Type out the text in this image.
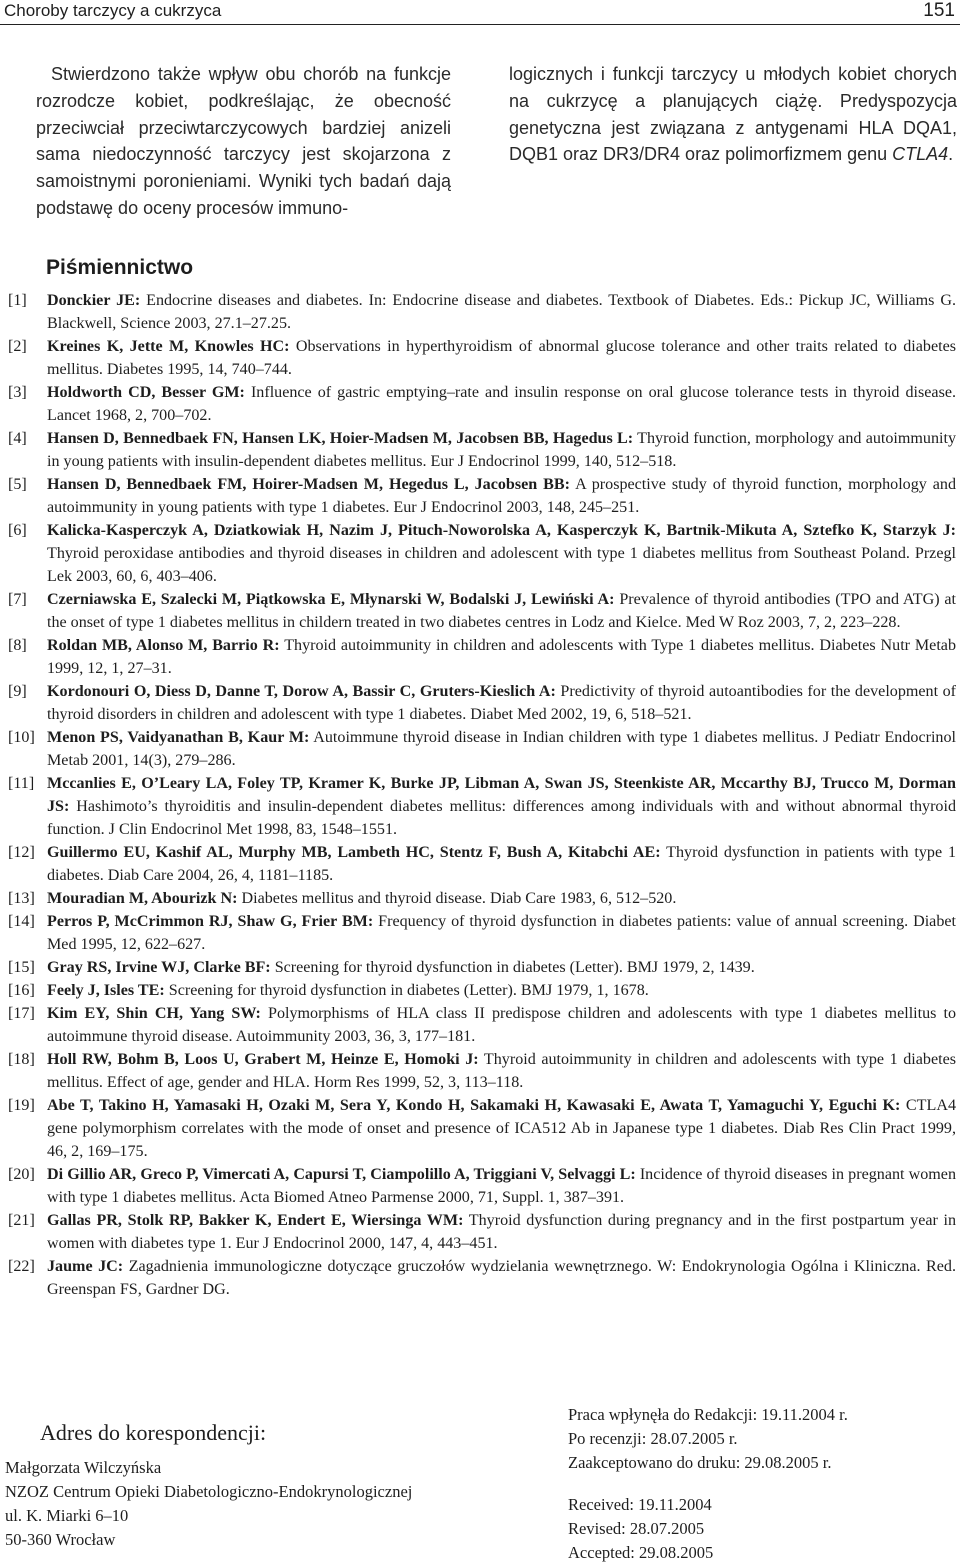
Choroby tarczycy a cukrzyca	151
Stwierdzono także wpływ obu chorób na funkcje rozrodcze kobiet, podkreślając, że obecność przeciwciał przeciwtarczycowych bardziej anizeli sama niedoczynność tarczycy jest skojarzona z samoistnymi poronieniami. Wyniki tych badań dają podstawę do oceny procesów immuno-
logicznych i funkcji tarczycy u młodych kobiet chorych na cukrzycę a planujących ciążę. Predyspozycja genetyczna jest związana z antygenami HLA DQA1, DQB1 oraz DR3/DR4 oraz polimorfizmem genu CTLA4.
Piśmiennictwo
[1]	Donckier JE: Endocrine diseases and diabetes. In: Endocrine disease and diabetes. Textbook of Diabetes. Eds.: Pickup JC, Williams G. Blackwell, Science 2003, 27.1–27.25.
[2]	Kreines K, Jette M, Knowles HC: Observations in hyperthyroidism of abnormal glucose tolerance and other traits related to diabetes mellitus. Diabetes 1995, 14, 740–744.
[3]	Holdworth CD, Besser GM: Influence of gastric emptying–rate and insulin response on oral glucose tolerance tests in thyroid disease. Lancet 1968, 2, 700–702.
[4]	Hansen D, Bennedbaek FN, Hansen LK, Hoier-Madsen M, Jacobsen BB, Hagedus L: Thyroid function, morphology and autoimmunity in young patients with insulin-dependent diabetes mellitus. Eur J Endocrinol 1999, 140, 512–518.
[5]	Hansen D, Bennedbaek FM, Hoirer-Madsen M, Hegedus L, Jacobsen BB: A prospective study of thyroid function, morphology and autoimmunity in young patients with type 1 diabetes. Eur J Endocrinol 2003, 148, 245–251.
[6]	Kalicka-Kasperczyk A, Dziatkowiak H, Nazim J, Pituch-Noworolska A, Kasperczyk K, Bartnik-Mikuta A, Sztefko K, Starzyk J: Thyroid peroxidase antibodies and thyroid diseases in children and adolescent with type 1 diabetes mellitus from Southeast Poland. Przegl Lek 2003, 60, 6, 403–406.
[7]	Czerniawska E, Szalecki M, Piątkowska E, Młynarski W, Bodalski J, Lewiński A: Prevalence of thyroid antibodies (TPO and ATG) at the onset of type 1 diabetes mellitus in childern treated in two diabetes centres in Lodz and Kielce. Med W Roz 2003, 7, 2, 223–228.
[8]	Roldan MB, Alonso M, Barrio R: Thyroid autoimmunity in children and adolescents with Type 1 diabetes mellitus. Diabetes Nutr Metab 1999, 12, 1, 27–31.
[9]	Kordonouri O, Diess D, Danne T, Dorow A, Bassir C, Gruters-Kieslich A: Predictivity of thyroid autoantibodies for the development of thyroid disorders in children and adolescent with type 1 diabetes. Diabet Med 2002, 19, 6, 518–521.
[10] Menon PS, Vaidyanathan B, Kaur M: Autoimmune thyroid disease in Indian children with type 1 diabetes mellitus. J Pediatr Endocrinol Metab 2001, 14(3), 279–286.
[11] Mccanlies E, O’Leary LA, Foley TP, Kramer K, Burke JP, Libman A, Swan JS, Steenkiste AR, Mccarthy BJ, Trucco M, Dorman JS: Hashimoto’s thyroiditis and insulin-dependent diabetes mellitus: differences among individuals with and without abnormal thyroid function. J Clin Endocrinol Met 1998, 83, 1548–1551.
[12] Guillermo EU, Kashif AL, Murphy MB, Lambeth HC, Stentz F, Bush A, Kitabchi AE: Thyroid dysfunction in patients with type 1 diabetes. Diab Care 2004, 26, 4, 1181–1185.
[13] Mouradian M, Abourizk N: Diabetes mellitus and thyroid disease. Diab Care 1983, 6, 512–520.
[14] Perros P, McCrimmon RJ, Shaw G, Frier BM: Frequency of thyroid dysfunction in diabetes patients: value of annual screening. Diabet Med 1995, 12, 622–627.
[15] Gray RS, Irvine WJ, Clarke BF: Screening for thyroid dysfunction in diabetes (Letter). BMJ 1979, 2, 1439.
[16] Feely J, Isles TE: Screening for thyroid dysfunction in diabetes (Letter). BMJ 1979, 1, 1678.
[17] Kim EY, Shin CH, Yang SW: Polymorphisms of HLA class II predispose children and adolescents with type 1 diabetes mellitus to autoimmune thyroid disease. Autoimmunity 2003, 36, 3, 177–181.
[18] Holl RW, Bohm B, Loos U, Grabert M, Heinze E, Homoki J: Thyroid autoimmunity in children and adolescents with type 1 diabetes mellitus. Effect of age, gender and HLA. Horm Res 1999, 52, 3, 113–118.
[19] Abe T, Takino H, Yamasaki H, Ozaki M, Sera Y, Kondo H, Sakamaki H, Kawasaki E, Awata T, Yamaguchi Y, Eguchi K: CTLA4 gene polymorphism correlates with the mode of onset and presence of ICA512 Ab in Japanese type 1 diabetes. Diab Res Clin Pract 1999, 46, 2, 169–175.
[20] Di Gillio AR, Greco P, Vimercati A, Capursi T, Ciampolillo A, Triggiani V, Selvaggi L: Incidence of thyroid diseases in pregnant women with type 1 diabetes mellitus. Acta Biomed Atneo Parmense 2000, 71, Suppl. 1, 387–391.
[21] Gallas PR, Stolk RP, Bakker K, Endert E, Wiersinga WM: Thyroid dysfunction during pregnancy and in the first postpartum year in women with diabetes type 1. Eur J Endocrinol 2000, 147, 4, 443–451.
[22] Jaume JC: Zagadnienia immunologiczne dotyczące gruczołów wydzielania wewnętrznego. W: Endokrynologia Ogólna i Kliniczna. Red. Greenspan FS, Gardner DG.
Adres do korespondencji:
Małgorzata Wilczyńska
NZOZ Centrum Opieki Diabetologiczno-Endokrynologicznej
ul. K. Miarki 6–10
50-360 Wrocław
Praca wpłynęła do Redakcji: 19.11.2004 r.
Po recenzji: 28.07.2005 r.
Zaakceptowano do druku: 29.08.2005 r.
Received: 19.11.2004
Revised: 28.07.2005
Accepted: 29.08.2005
